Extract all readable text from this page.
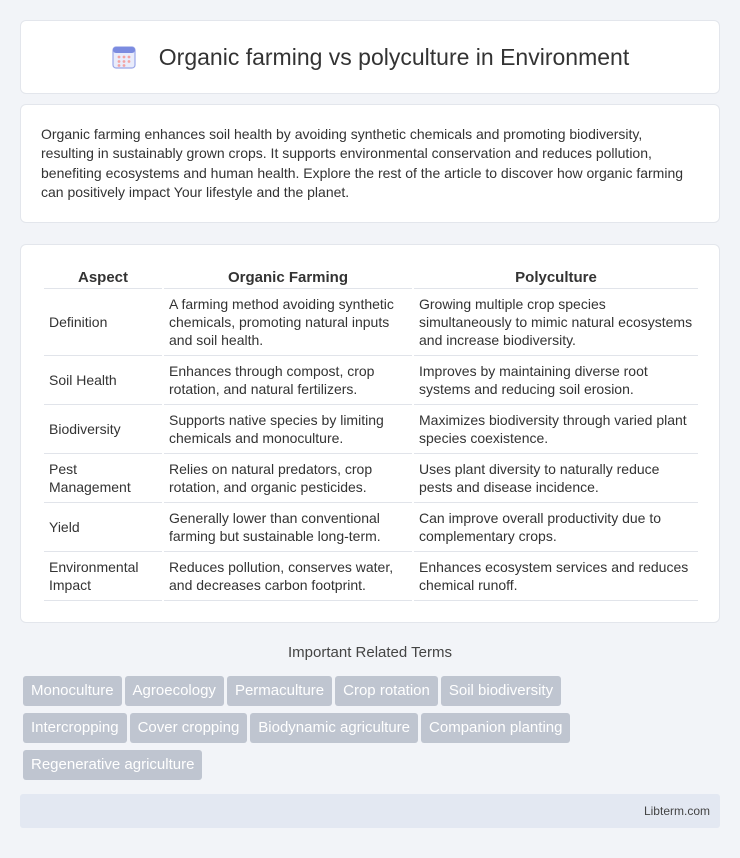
Organic farming vs polyculture in Environment

Organic farming enhances soil health by avoiding synthetic chemicals and promoting biodiversity, resulting in sustainably grown crops. It supports environmental conservation and reduces pollution, benefiting ecosystems and human health. Explore the rest of the article to discover how organic farming can positively impact Your lifestyle and the planet.

Aspect	Organic Farming	Polyculture
Definition	A farming method avoiding synthetic chemicals, promoting natural inputs and soil health.	Growing multiple crop species simultaneously to mimic natural ecosystems and increase biodiversity.
Soil Health	Enhances through compost, crop rotation, and natural fertilizers.	Improves by maintaining diverse root systems and reducing soil erosion.
Biodiversity	Supports native species by limiting chemicals and monoculture.	Maximizes biodiversity through varied plant species coexistence.
Pest Management	Relies on natural predators, crop rotation, and organic pesticides.	Uses plant diversity to naturally reduce pests and disease incidence.
Yield	Generally lower than conventional farming but sustainable long-term.	Can improve overall productivity due to complementary crops.
Environmental Impact	Reduces pollution, conserves water, and decreases carbon footprint.	Enhances ecosystem services and reduces chemical runoff.
Important Related Terms
Monoculture Agroecology Permaculture Crop rotation Soil biodiversity
Intercropping Cover cropping Biodynamic agriculture Companion planting
Regenerative agriculture
Libterm.com
